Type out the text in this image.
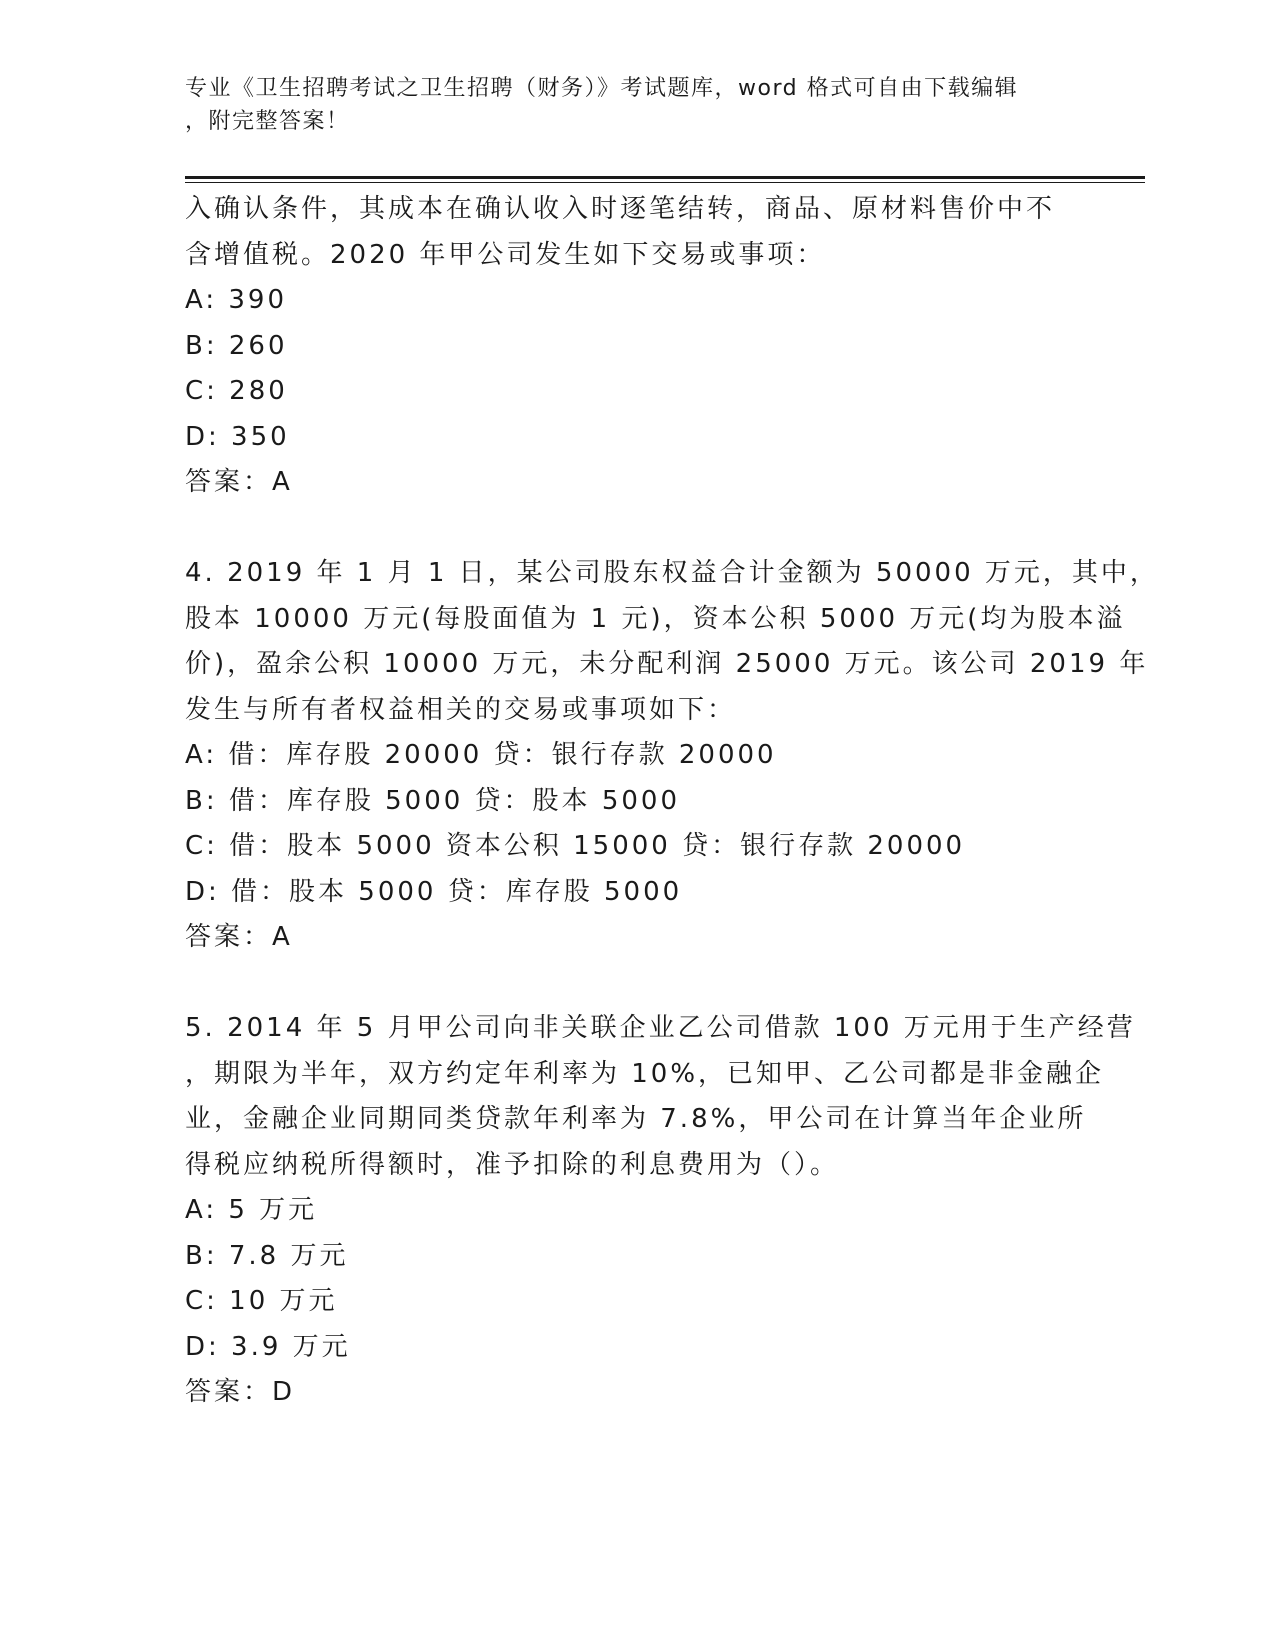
专业《卫生招聘考试之卫生招聘（财务）》考试题库，word 格式可自由下载编辑
，附完整答案！
入确认条件，其成本在确认收入时逐笔结转，商品、原材料售价中不
含增值税。2020 年甲公司发生如下交易或事项：
A: 390
B: 260
C: 280
D: 350
答案：A
4. 2019 年 1 月 1 日，某公司股东权益合计金额为 50000 万元，其中，
股本 10000 万元(每股面值为 1 元)，资本公积 5000 万元(均为股本溢
价)，盈余公积 10000 万元，未分配利润 25000 万元。该公司 2019 年
发生与所有者权益相关的交易或事项如下：
A: 借：库存股 20000 贷：银行存款 20000
B: 借：库存股 5000 贷：股本 5000
C: 借：股本 5000 资本公积 15000 贷：银行存款 20000
D: 借：股本 5000 贷：库存股 5000
答案：A
5. 2014 年 5 月甲公司向非关联企业乙公司借款 100 万元用于生产经营
，期限为半年，双方约定年利率为 10%，已知甲、乙公司都是非金融企
业，金融企业同期同类贷款年利率为 7.8%，甲公司在计算当年企业所
得税应纳税所得额时，准予扣除的利息费用为（）。
A: 5 万元
B: 7.8 万元
C: 10 万元
D: 3.9 万元
答案：D
